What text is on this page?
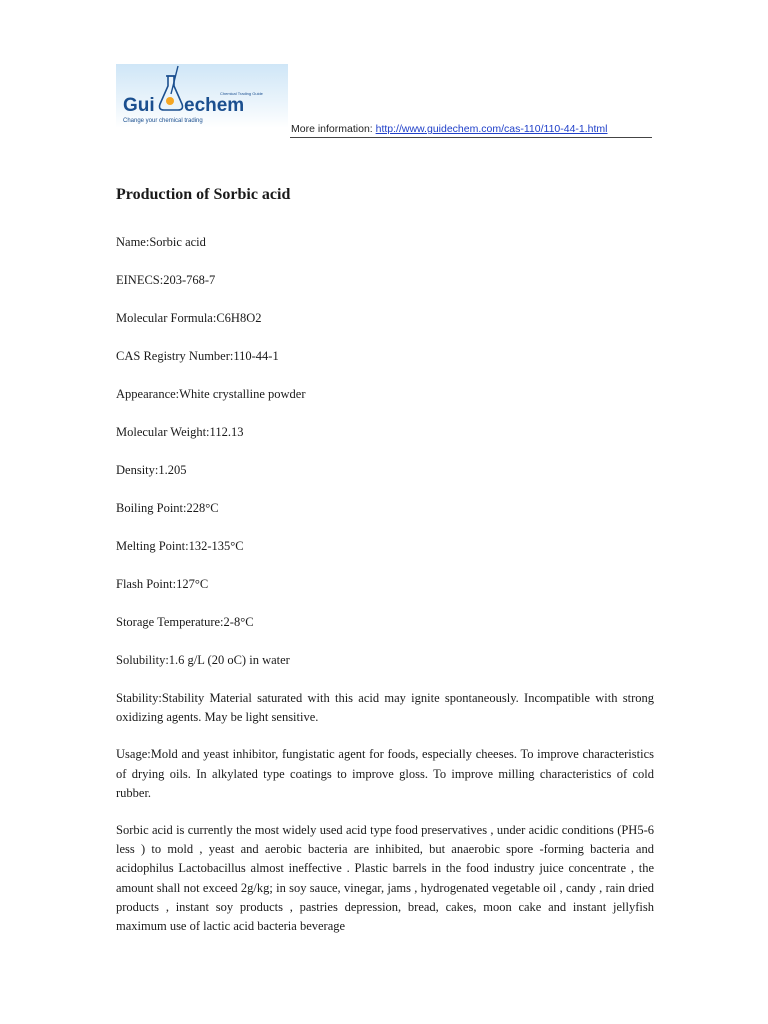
Gui echem
Chemical Trading Guide
Change your chemical trading
More information: http://www.guidechem.com/cas-110/110-44-1.html
Production of Sorbic acid
Name:Sorbic acid
EINECS:203-768-7
Molecular Formula:C6H8O2
CAS Registry Number:110-44-1
Appearance:White crystalline powder
Molecular Weight:112.13
Density:1.205
Boiling Point:228°C
Melting Point:132-135°C
Flash Point:127°C
Storage Temperature:2-8°C
Solubility:1.6 g/L (20 oC) in water

Stability:Stability Material saturated with this acid may ignite spontaneously. Incompatible with strong oxidizing agents. May be light sensitive.

Usage:Mold and yeast inhibitor, fungistatic agent for foods, especially cheeses. To improve characteristics of drying oils. In alkylated type coatings to improve gloss. To improve milling characteristics of cold rubber.

Sorbic acid is currently the most widely used acid type food preservatives , under acidic conditions (PH5-6 less ) to mold , yeast and aerobic bacteria are inhibited, but anaerobic spore -forming bacteria and acidophilus Lactobacillus almost ineffective . Plastic barrels in the food industry juice concentrate , the amount shall not exceed 2g/kg; in soy sauce, vinegar, jams , hydrogenated vegetable oil , candy , rain dried products , instant soy products , pastries depression, bread, cakes, moon cake and instant jellyfish maximum use of lactic acid bacteria beverage
